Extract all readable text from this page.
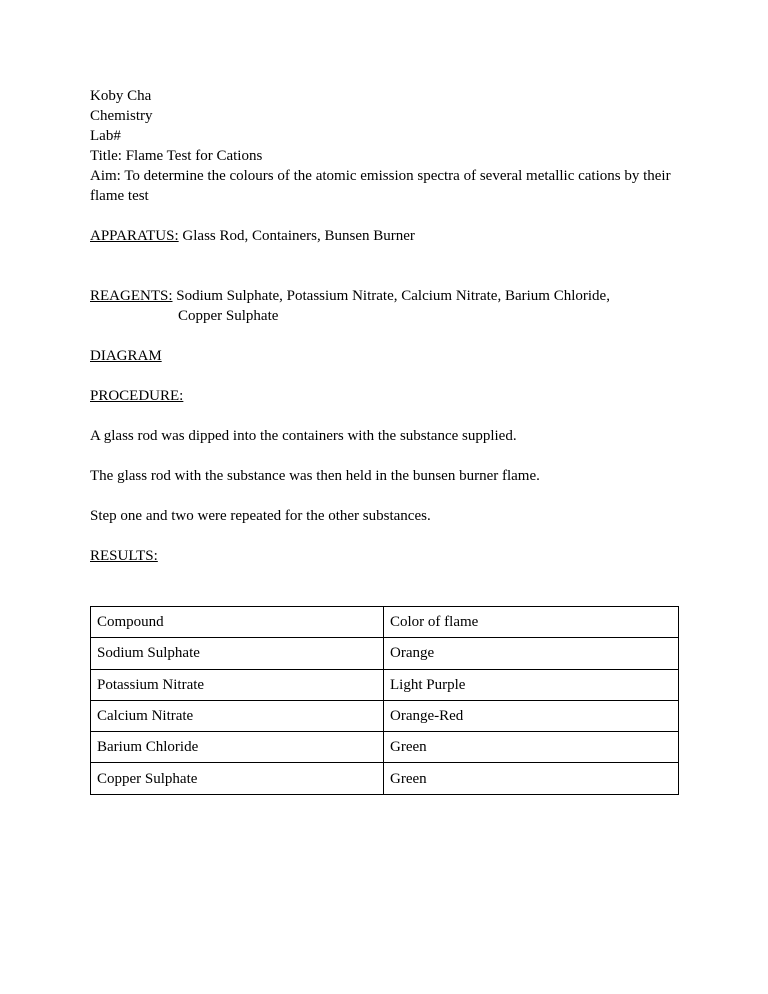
Koby Cha

Chemistry

Lab#

Title: Flame Test for Cations

Aim: To determine the colours of the atomic emission spectra of several metallic cations by their
flame test

APPARATUS: Glass Rod, Containers, Bunsen Burner

REAGENTS: Sodium Sulphate, Potassium Nitrate, Calcium Nitrate, Barium Chloride,

Copper Sulphate

DIAGRAM

PROCEDURE:

A glass rod was dipped into the containers with the substance supplied.

The glass rod with the substance was then held in the bunsen burner flame.

Step one and two were repeated for the other substances.

RESULTS:

Compound	Color of flame
Sodium Sulphate	Orange
Potassium Nitrate	Light Purple
Calcium Nitrate	Orange-Red
Barium Chloride	Green
Copper Sulphate	Green
